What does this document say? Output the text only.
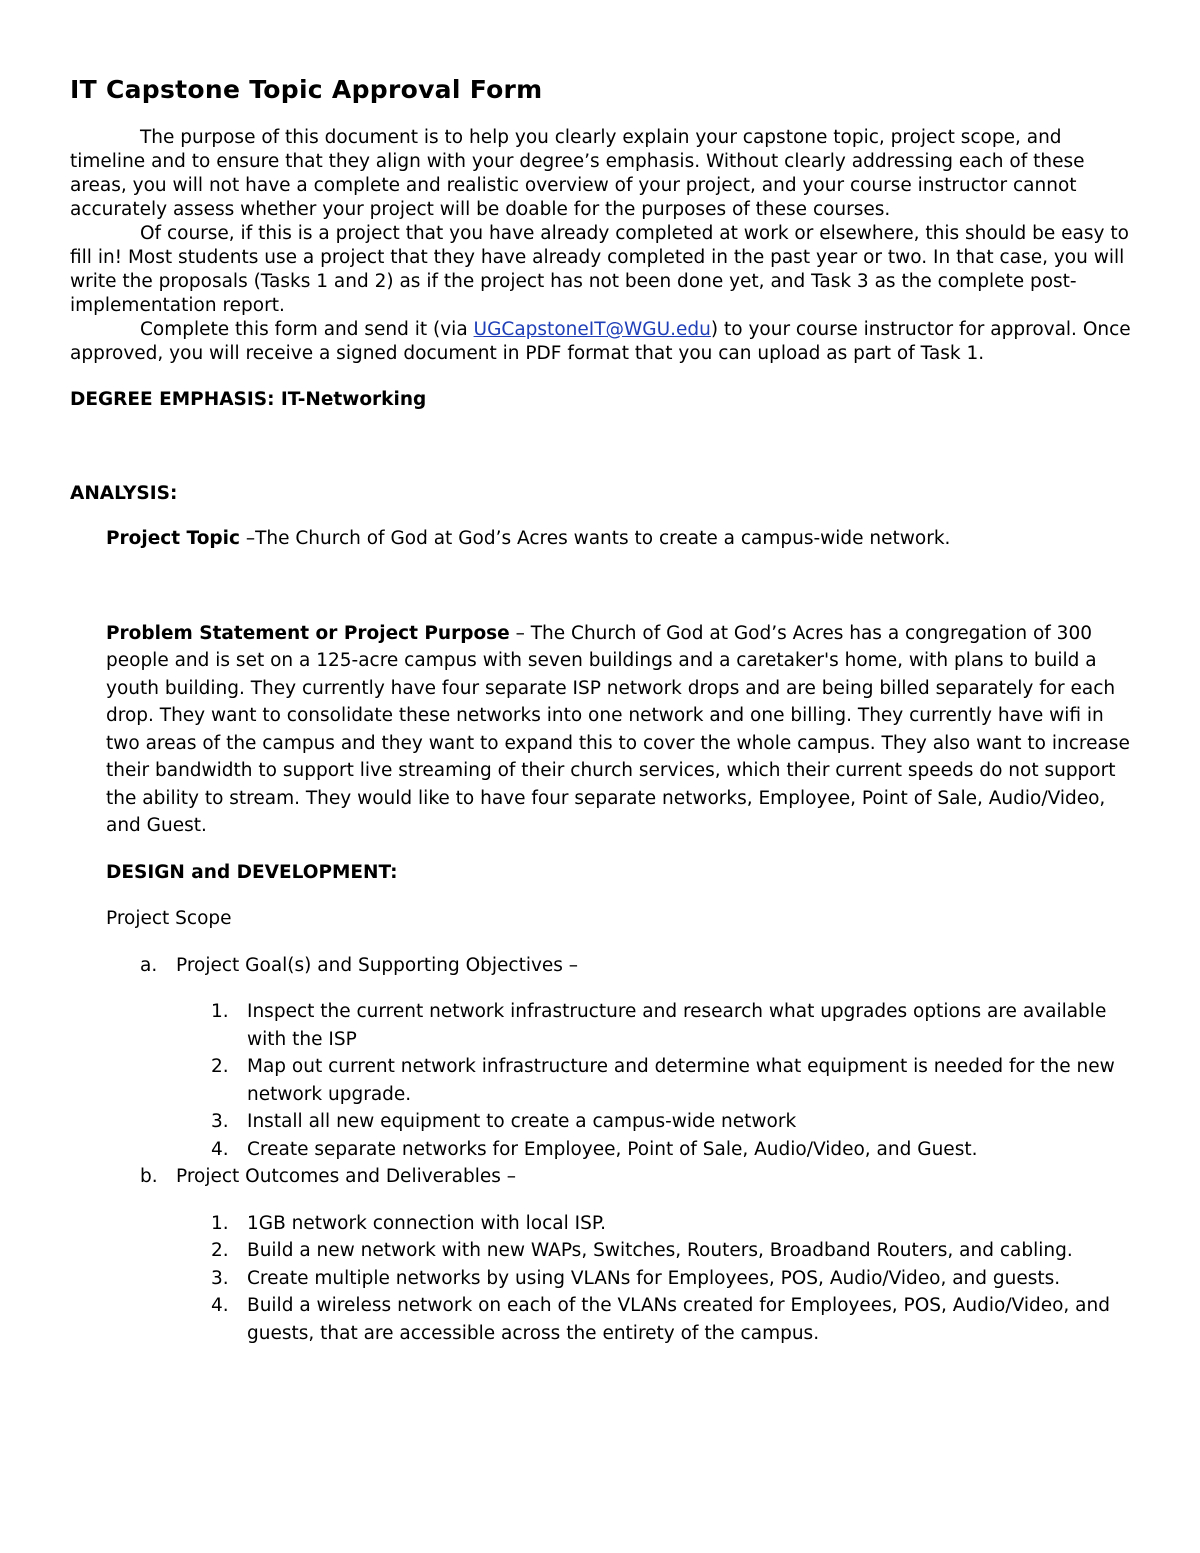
IT Capstone Topic Approval Form

The purpose of this document is to help you clearly explain your capstone topic, project scope, and timeline and to ensure that they align with your degree’s emphasis. Without clearly addressing each of these areas, you will not have a complete and realistic overview of your project, and your course instructor cannot accurately assess whether your project will be doable for the purposes of these courses.

Of course, if this is a project that you have already completed at work or elsewhere, this should be easy to fill in! Most students use a project that they have already completed in the past year or two. In that case, you will write the proposals (Tasks 1 and 2) as if the project has not been done yet, and Task 3 as the complete post-implementation report.

Complete this form and send it (via UGCapstoneIT@WGU.edu) to your course instructor for approval. Once approved, you will receive a signed document in PDF format that you can upload as part of Task 1.

DEGREE EMPHASIS: IT-Networking
ANALYSIS:
Project Topic –The Church of God at God’s Acres wants to create a campus-wide network.
Problem Statement or Project Purpose – The Church of God at God’s Acres has a congregation of 300 people and is set on a 125-acre campus with seven buildings and a caretaker's home, with plans to build a youth building. They currently have four separate ISP network drops and are being billed separately for each drop. They want to consolidate these networks into one network and one billing. They currently have wifi in two areas of the campus and they want to expand this to cover the whole campus. They also want to increase their bandwidth to support live streaming of their church services, which their current speeds do not support the ability to stream. They would like to have four separate networks, Employee, Point of Sale, Audio/Video, and Guest.
DESIGN and DEVELOPMENT:
Project Scope
a. Project Goal(s) and Supporting Objectives –
1. Inspect the current network infrastructure and research what upgrades options are available with the ISP
2. Map out current network infrastructure and determine what equipment is needed for the new network upgrade.
3. Install all new equipment to create a campus-wide network
4. Create separate networks for Employee, Point of Sale, Audio/Video, and Guest.
b. Project Outcomes and Deliverables –
1. 1GB network connection with local ISP.
2. Build a new network with new WAPs, Switches, Routers, Broadband Routers, and cabling.
3. Create multiple networks by using VLANs for Employees, POS, Audio/Video, and guests.
4. Build a wireless network on each of the VLANs created for Employees, POS, Audio/Video, and guests, that are accessible across the entirety of the campus.
